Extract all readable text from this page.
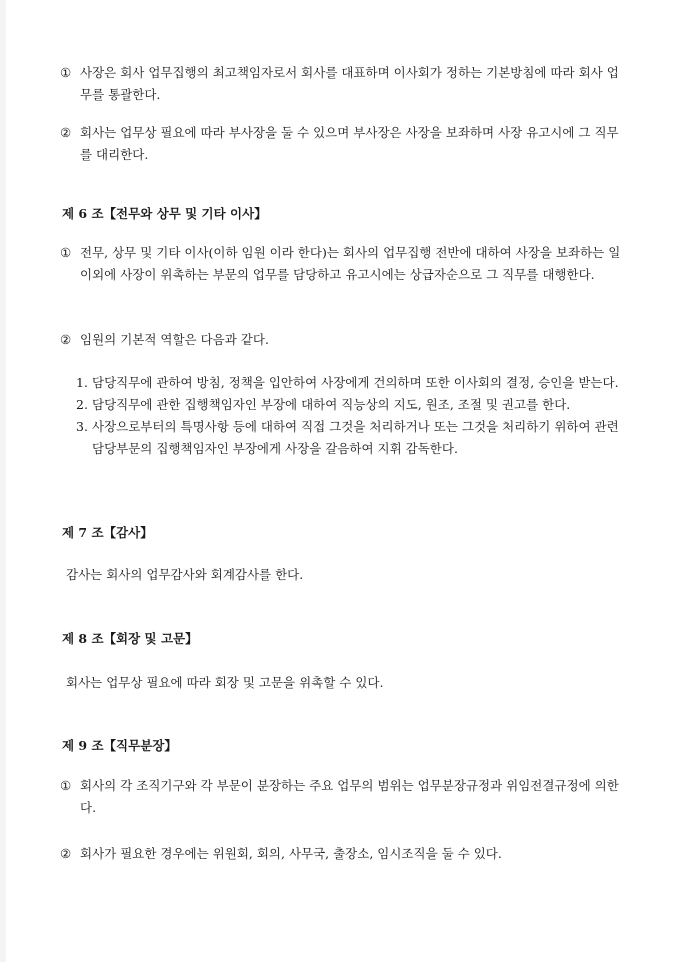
① 사장은 회사 업무집행의 최고책임자로서 회사를 대표하며 이사회가 정하는 기본방침에 따라 회사 업무를 통괄한다.
② 회사는 업무상 필요에 따라 부사장을 둘 수 있으며 부사장은 사장을 보좌하며 사장 유고시에 그 직무를 대리한다.
제 6 조【전무와 상무 및 기타 이사】
① 전무, 상무 및 기타 이사(이하 임원 이라 한다)는 회사의 업무집행 전반에 대하여 사장을 보좌하는 일 이외에 사장이 위촉하는 부문의 업무를 담당하고 유고시에는 상급자순으로 그 직무를 대행한다.
② 임원의 기본적 역할은 다음과 같다.
1. 담당직무에 관하여 방침, 정책을 입안하여 사장에게 건의하며 또한 이사회의 결정, 승인을 받는다.
2. 담당직무에 관한 집행책임자인 부장에 대하여 직능상의 지도, 원조, 조절 및 권고를 한다.
3. 사장으로부터의 특명사항 등에 대하여 직접 그것을 처리하거나 또는 그것을 처리하기 위하여 관련 담당부문의 집행책임자인 부장에게 사장을 갈음하여 지휘 감독한다.
제 7 조【감사】
감사는 회사의 업무감사와 회계감사를 한다.
제 8 조【회장 및 고문】
회사는 업무상 필요에 따라 회장 및 고문을 위촉할 수 있다.
제 9 조【직무분장】
① 회사의 각 조직기구와 각 부문이 분장하는 주요 업무의 범위는 업무분장규정과 위임전결규정에 의한다.
② 회사가 필요한 경우에는 위원회, 회의, 사무국, 출장소, 임시조직을 둘 수 있다.
